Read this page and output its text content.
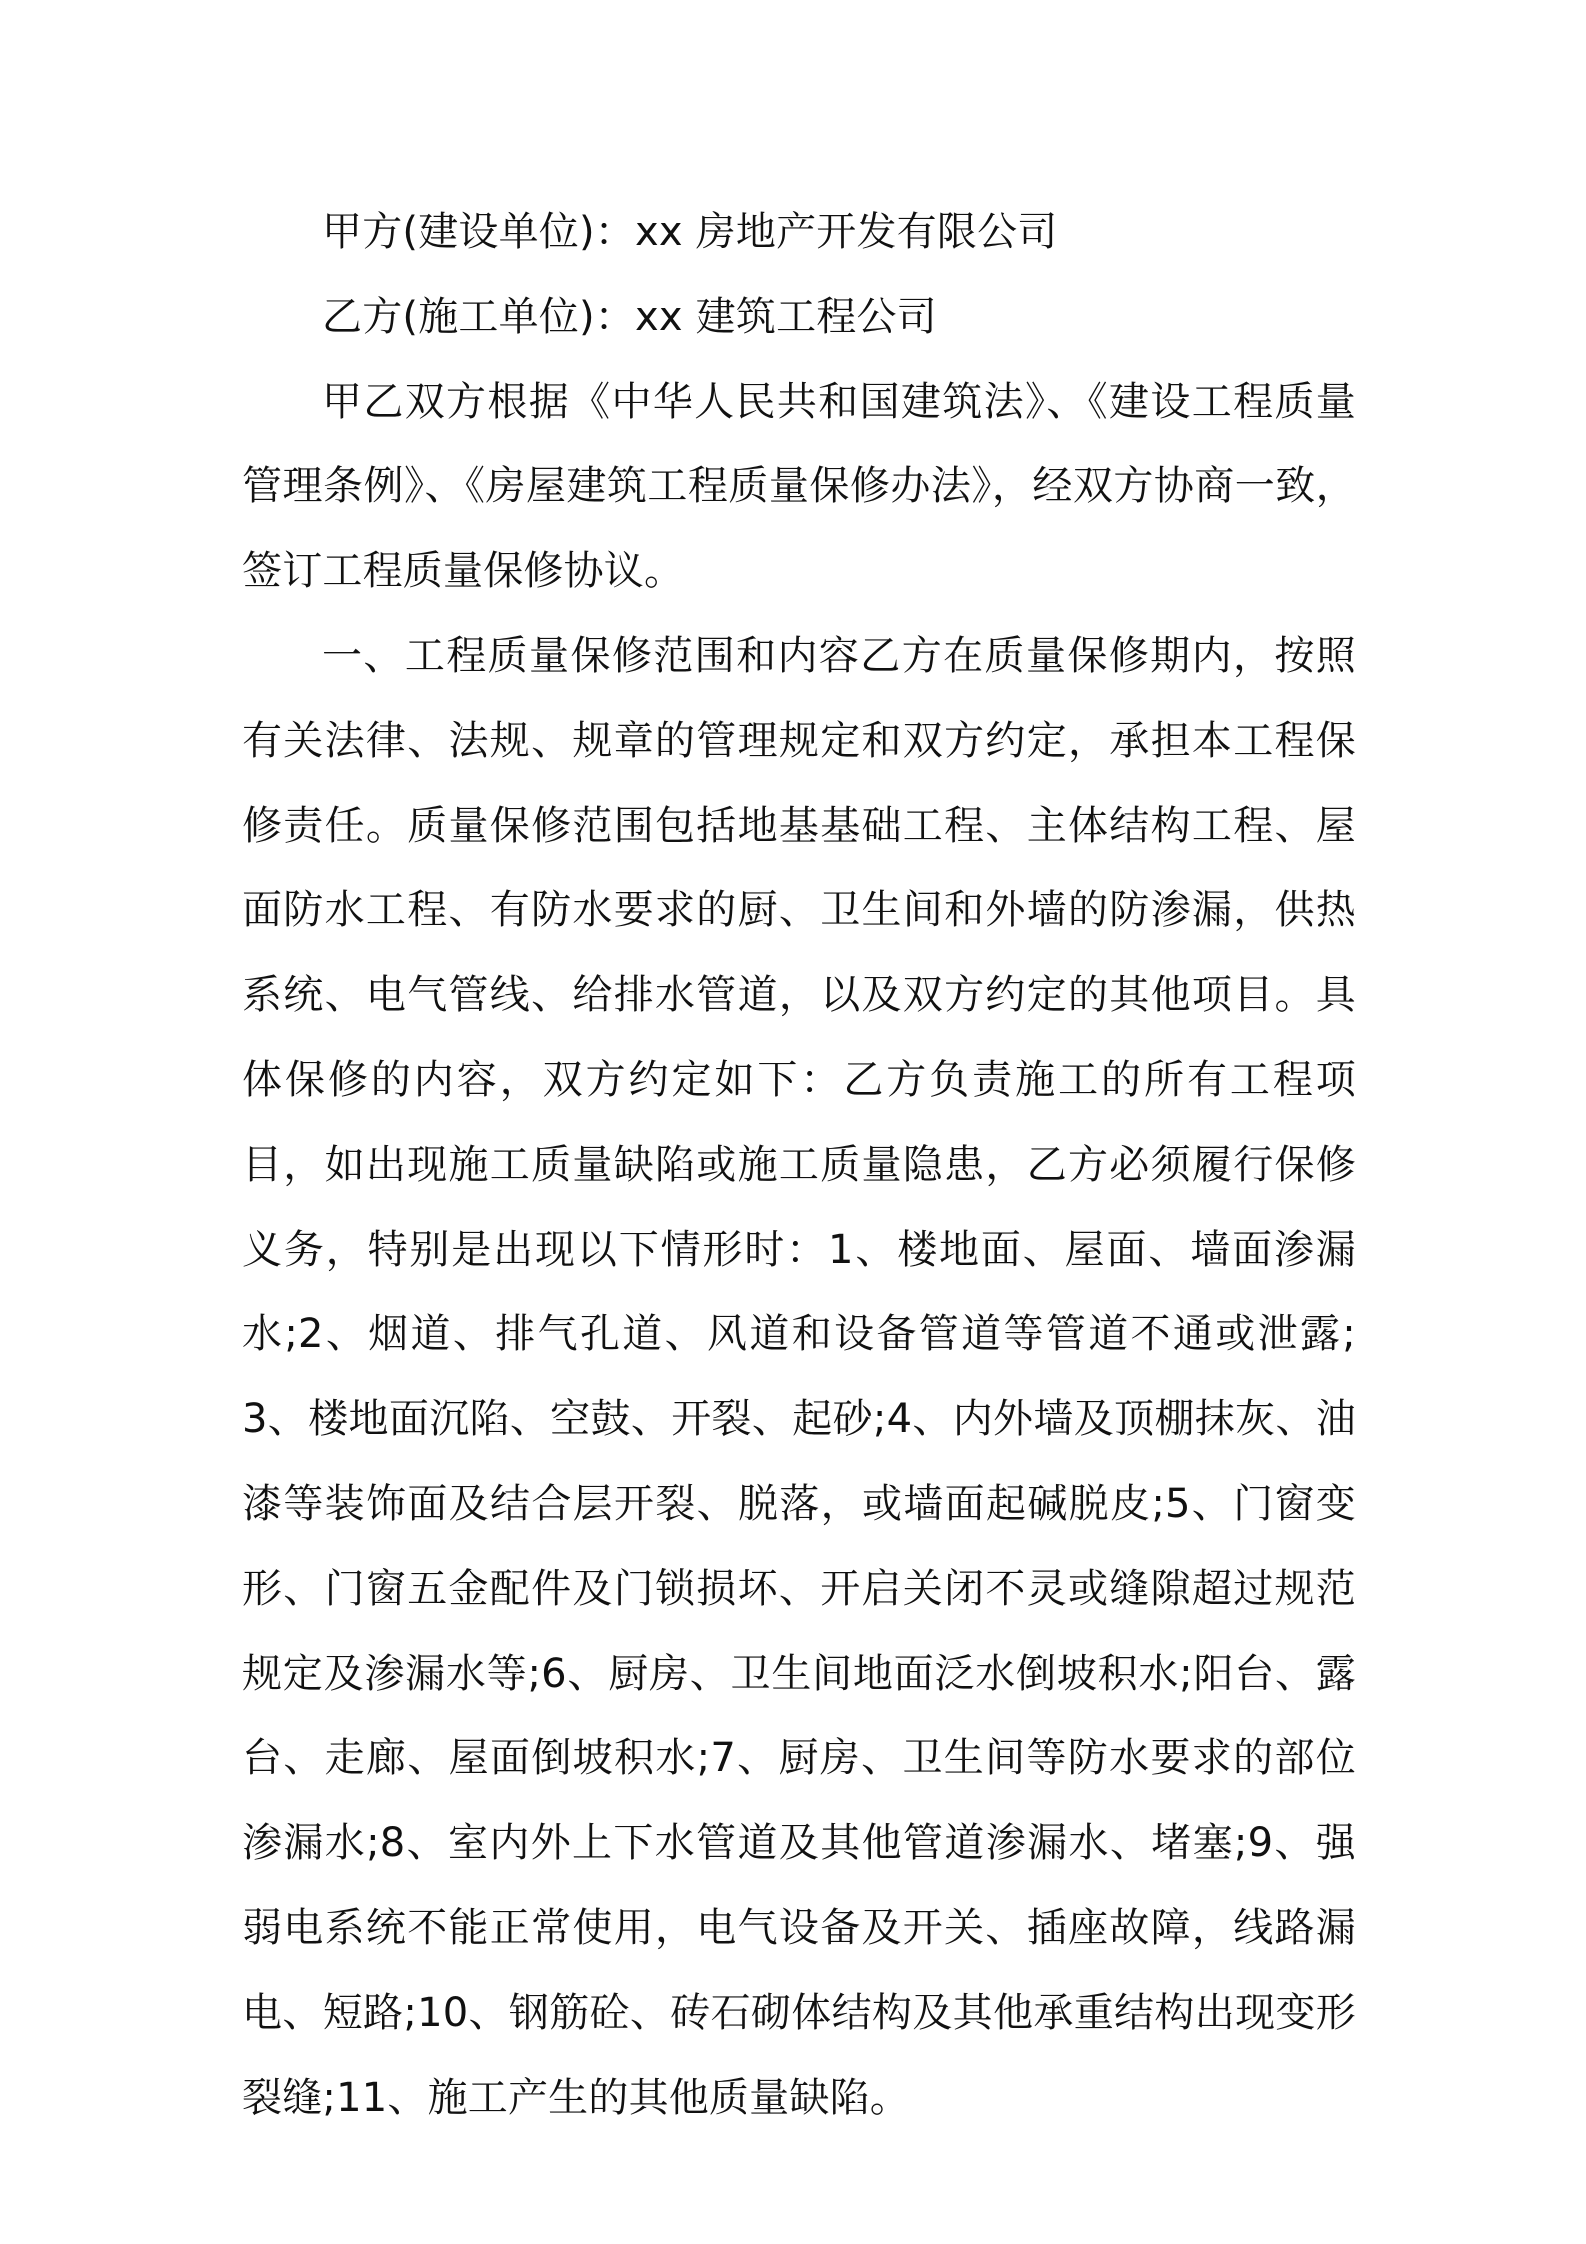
甲方(建设单位)：xx 房地产开发有限公司

乙方(施工单位)：xx 建筑工程公司

甲乙双方根据《中华人民共和国建筑法》、《建设工程质量管理条例》、《房屋建筑工程质量保修办法》，经双方协商一致，签订工程质量保修协议。

一、工程质量保修范围和内容乙方在质量保修期内，按照有关法律、法规、规章的管理规定和双方约定，承担本工程保修责任。质量保修范围包括地基基础工程、主体结构工程、屋面防水工程、有防水要求的厨、卫生间和外墙的防渗漏，供热系统、电气管线、给排水管道，以及双方约定的其他项目。具体保修的内容，双方约定如下：乙方负责施工的所有工程项目，如出现施工质量缺陷或施工质量隐患，乙方必须履行保修义务，特别是出现以下情形时：1、楼地面、屋面、墙面渗漏水;2、烟道、排气孔道、风道和设备管道等管道不通或泄露;3、楼地面沉陷、空鼓、开裂、起砂;4、内外墙及顶棚抹灰、油漆等装饰面及结合层开裂、脱落，或墙面起碱脱皮;5、门窗变形、门窗五金配件及门锁损坏、开启关闭不灵或缝隙超过规范规定及渗漏水等;6、厨房、卫生间地面泛水倒坡积水;阳台、露台、走廊、屋面倒坡积水;7、厨房、卫生间等防水要求的部位渗漏水;8、室内外上下水管道及其他管道渗漏水、堵塞;9、强弱电系统不能正常使用，电气设备及开关、插座故障，线路漏电、短路;10、钢筋砼、砖石砌体结构及其他承重结构出现变形裂缝;11、施工产生的其他质量缺陷。
